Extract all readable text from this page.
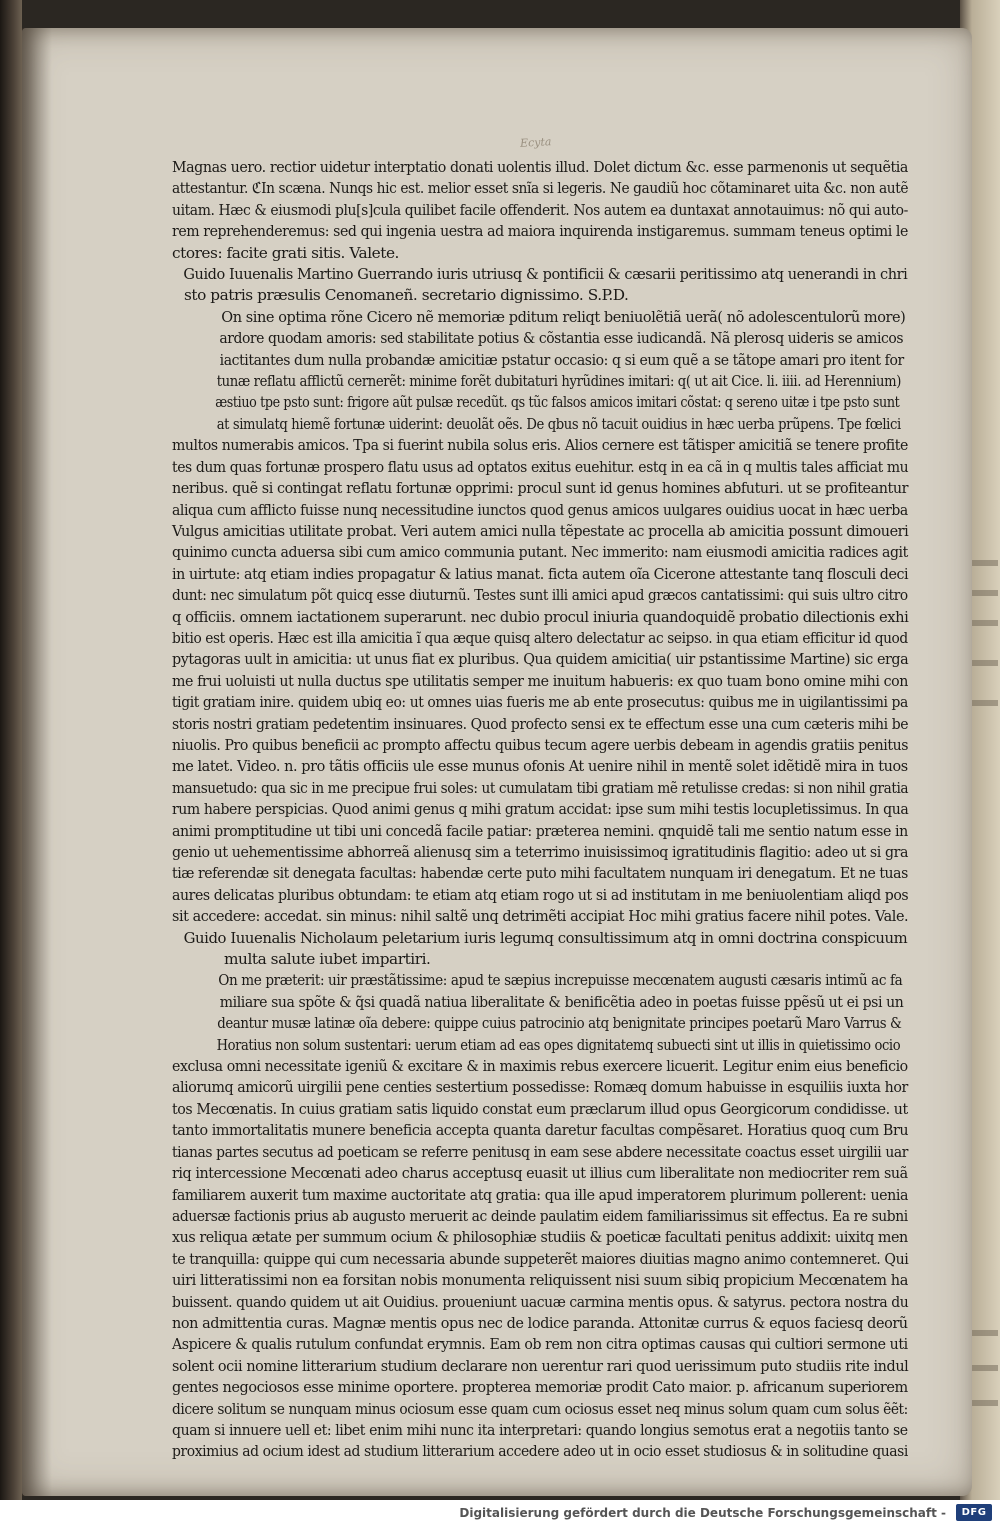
Ecyta
Magnas uero. rectior uidetur interptatio donati uolentis illud. Dolet dictum &c. esse parmenonis ut sequẽtia
attestantur. ℭIn scæna. Nunqs hic est. melior esset snĩa si legeris. Ne gaudiũ hoc cõtaminaret uita &c. non autẽ
uitam. Hæc & eiusmodi plu[s]cula quilibet facile offenderit. Nos autem ea duntaxat annotauimus: nõ qui auto-
rem reprehenderemus: sed qui ingenia uestra ad maiora inquirenda instigaremus. summam teneus optimi le
ctores: facite grati sitis. Valete.
Guido Iuuenalis Martino Guerrando iuris utriusq & pontificii & cæsarii peritissimo atq uenerandi in chri
sto patris præsulis Cenomaneñ. secretario dignissimo. S.P.D.
On sine optima rõne Cicero nẽ memoriæ pditum reliqt beniuolẽtiã uerã( nõ adolescentulorũ more)
ardore quodam amoris: sed stabilitate potius & cõstantia esse iudicandã. Nã plerosq uideris se amicos
iactitantes dum nulla probandæ amicitiæ pstatur occasio: q si eum quẽ a se tãtope amari pro itent for
tunæ reflatu afflictũ cernerẽt: minime forẽt dubitaturi hyrũdines imitari: q( ut ait Cice. li. iiii. ad Herennium)
æstiuo tpe psto sunt: frigore aũt pulsæ recedũt. qs tũc falsos amicos imitari cõstat: q sereno uitæ i tpe psto sunt
at simulatq hiemẽ fortunæ uiderint: deuolãt oẽs. De qbus nõ tacuit ouidius in hæc uerba prũpens. Tpe fœlici
multos numerabis amicos. Tpa si fuerint nubila solus eris. Alios cernere est tãtisper amicitiã se tenere profite
tes dum quas fortunæ prospero flatu usus ad optatos exitus euehitur. estq in ea cã in q multis tales afficiat mu
neribus. quẽ si contingat reflatu fortunæ opprimi: procul sunt id genus homines abfuturi. ut se profiteantur
aliqua cum afflicto fuisse nunq necessitudine iunctos quod genus amicos uulgares ouidius uocat in hæc uerba
Vulgus amicitias utilitate probat. Veri autem amici nulla tẽpestate ac procella ab amicitia possunt dimoueri
quinimo cuncta aduersa sibi cum amico communia putant. Nec immerito: nam eiusmodi amicitia radices agit
in uirtute: atq etiam indies propagatur & latius manat. ficta autem oĩa Cicerone attestante tanq flosculi deci
dunt: nec simulatum põt quicq esse diuturnũ. Testes sunt illi amici apud græcos cantatissimi: qui suis ultro citro
q officiis. omnem iactationem superarunt. nec dubio procul iniuria quandoquidẽ probatio dilectionis exhi
bitio est operis. Hæc est illa amicitia ĩ qua æque quisq altero delectatur ac seipso. in qua etiam efficitur id quod
pytagoras uult in amicitia: ut unus fiat ex pluribus. Qua quidem amicitia( uir pstantissime Martine) sic erga
me frui uoluisti ut nulla ductus spe utilitatis semper me inuitum habueris: ex quo tuam bono omine mihi con
tigit gratiam inire. quidem ubiq eo: ut omnes uias fueris me ab ente prosecutus: quibus me in uigilantissimi pa
storis nostri gratiam pedetentim insinuares. Quod profecto sensi ex te effectum esse una cum cæteris mihi be
niuolis. Pro quibus beneficii ac prompto affectu quibus tecum agere uerbis debeam in agendis gratiis penitus
me latet. Video. n. pro tãtis officiis ule esse munus ofonis At uenire nihil in mentẽ solet idẽtidẽ mira in tuos
mansuetudo: qua sic in me precipue frui soles: ut cumulatam tibi gratiam mẽ retulisse credas: si non nihil gratia
rum habere perspicias. Quod animi genus q mihi gratum accidat: ipse sum mihi testis locupletissimus. In qua
animi promptitudine ut tibi uni concedã facile patiar: præterea nemini. qnquidẽ tali me sentio natum esse in
genio ut uehementissime abhorreã alienusq sim a teterrimo inuisissimoq igratitudinis flagitio: adeo ut si gra
tiæ referendæ sit denegata facultas: habendæ certe puto mihi facultatem nunquam iri denegatum. Et ne tuas
aures delicatas pluribus obtundam: te etiam atq etiam rogo ut si ad institutam in me beniuolentiam aliqd pos
sit accedere: accedat. sin minus: nihil saltẽ unq detrimẽti accipiat Hoc mihi gratius facere nihil potes. Vale.
Guido Iuuenalis Nicholaum peletarium iuris legumq consultissimum atq in omni doctrina conspicuum
multa salute iubet impartiri.
On me præterit: uir præstãtissime: apud te sæpius increpuisse mecœnatem augusti cæsaris intimũ ac fa
miliare sua spõte & q̃si quadã natiua liberalitate & benificẽtia adeo in poetas fuisse ppẽsũ ut ei psi un
deantur musæ latinæ oĩa debere: quippe cuius patrocinio atq benignitate principes poetarũ Maro Varrus &
Horatius non solum sustentari: uerum etiam ad eas opes dignitatemq subuecti sint ut illis in quietissimo ocio
exclusa omni necessitate igeniũ & excitare & in maximis rebus exercere licuerit. Legitur enim eius beneficio
aliorumq amicorũ uirgilii pene centies sestertium possedisse: Romæq domum habuisse in esquiliis iuxta hor
tos Mecœnatis. In cuius gratiam satis liquido constat eum præclarum illud opus Georgicorum condidisse. ut
tanto immortalitatis munere beneficia accepta quanta daretur facultas compẽsaret. Horatius quoq cum Bru
tianas partes secutus ad poeticam se referre penitusq in eam sese abdere necessitate coactus esset uirgilii uar
riq intercessione Mecœnati adeo charus acceptusq euasit ut illius cum liberalitate non mediocriter rem suã
familiarem auxerit tum maxime auctoritate atq gratia: qua ille apud imperatorem plurimum pollerent: uenia
aduersæ factionis prius ab augusto meruerit ac deinde paulatim eidem familiarissimus sit effectus. Ea re subni
xus reliqua ætate per summum ocium & philosophiæ studiis & poeticæ facultati penitus addixit: uixitq men
te tranquilla: quippe qui cum necessaria abunde suppeterẽt maiores diuitias magno animo contemneret. Qui
uiri litteratissimi non ea forsitan nobis monumenta reliquissent nisi suum sibiq propicium Mecœnatem ha
buissent. quando quidem ut ait Ouidius. proueniunt uacuæ carmina mentis opus. & satyrus. pectora nostra du
non admittentia curas. Magnæ mentis opus nec de lodice paranda. Attonitæ currus & equos faciesq deorũ
Aspicere & qualis rutulum confundat erymnis. Eam ob rem non citra optimas causas qui cultiori sermone uti
solent ocii nomine litterarium studium declarare non uerentur rari quod uerissimum puto studiis rite indul
gentes negociosos esse minime oportere. propterea memoriæ prodit Cato maior. p. africanum superiorem
dicere solitum se nunquam minus ociosum esse quam cum ociosus esset neq minus solum quam cum solus ẽẽt:
quam si innuere uell et: libet enim mihi nunc ita interpretari: quando longius semotus erat a negotiis tanto se
proximius ad ocium idest ad studium litterarium accedere adeo ut in ocio esset studiosus & in solitudine quasi
Digitalisierung gefördert durch die Deutsche Forschungsgemeinschaft -	DFG
